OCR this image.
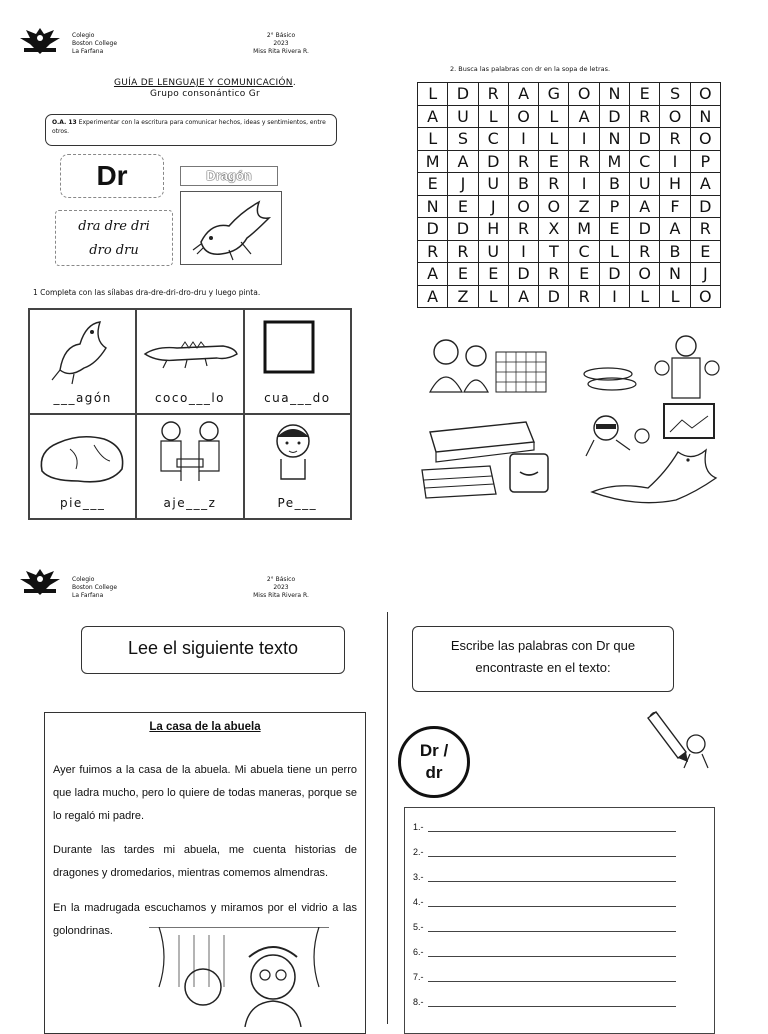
Colegio
Boston College
La Farfana
2° Básico
2023
Miss Rita Rivera R.
GUÍA DE LENGUAJE Y COMUNICACIÓN.
Grupo consonántico Gr
O.A. 13 Experimentar con la escritura para comunicar hechos, ideas y sentimientos, entre otros.
Dr	Dragón
dra dre dri
dro dru
1 Completa con las sílabas dra-dre-dri-dro-dru y luego pinta.
___agón	coco___lo	cua___do
pie___	aje___z	Pe___
2. Busca las palabras con dr en la sopa de letras.
L	D	R	A	G	O	N	E	S	O
A	U	L	O	L	A	D	R	O	N
L	S	C	I	L	I	N	D	R	O
M	A	D	R	E	R	M	C	I	P
E	J	U	B	R	I	B	U	H	A
N	E	J	O	O	Z	P	A	F	D
D	D	H	R	X	M	E	D	A	R
R	R	U	I	T	C	L	R	B	E
A	E	E	D	R	E	D	O	N	J
A	Z	L	A	D	R	I	L	L	O
Colegio
Boston College
La Farfana
2° Básico
2023
Miss Rita Rivera R.
Lee el siguiente texto	Escribe las palabras con Dr que
encontraste en el texto:
La casa de la abuela
Ayer fuimos a la casa de la abuela. Mi abuela tiene un perro que ladra mucho, pero lo quiere de todas maneras, porque se lo regaló mi padre.
Durante las tardes mi abuela, me cuenta historias de dragones y dromedarios, mientras comemos almendras.
En la madrugada escuchamos y miramos por el vidrio a las golondrinas.
Dr /
dr
1.-
2.-
3.-
4.-
5.-
6.-
7.-
8.-
